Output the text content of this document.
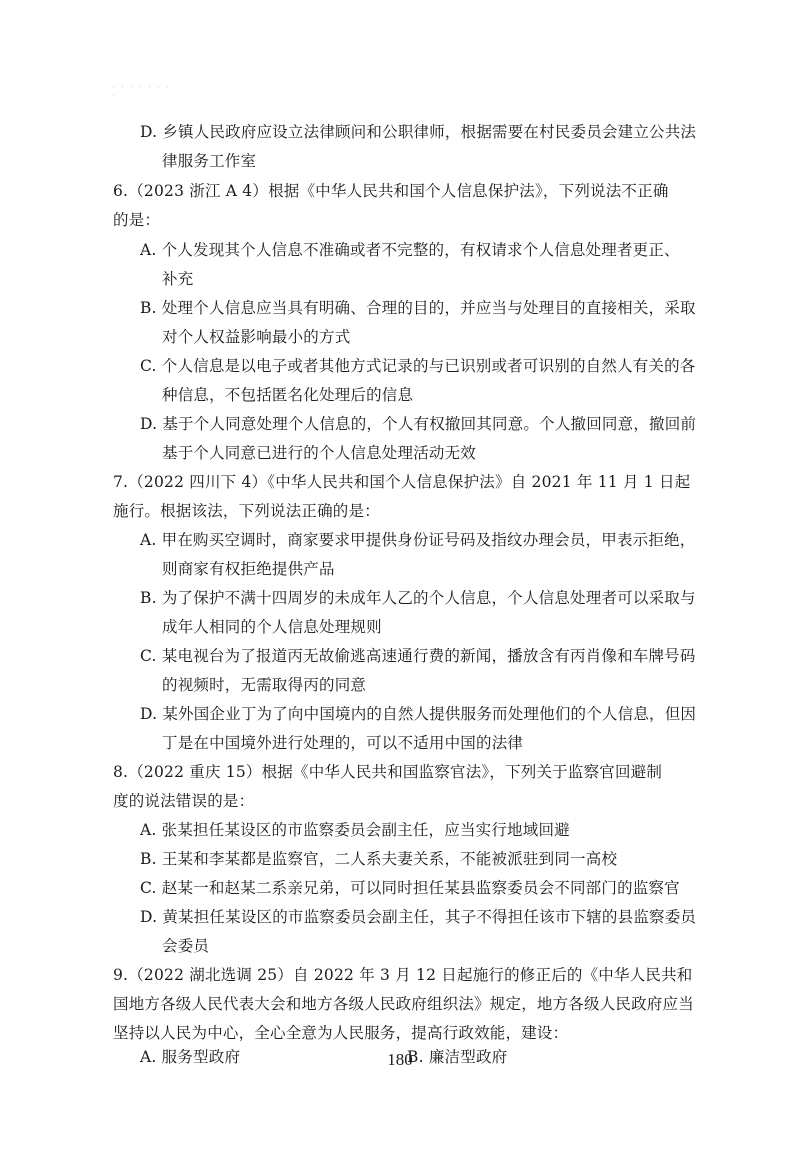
· · · · · · · ·
D. 乡镇人民政府应设立法律顾问和公职律师，根据需要在村民委员会建立公共法
律服务工作室
6.（2023 浙江 A 4）根据《中华人民共和国个人信息保护法》，下列说法不正确
的是：
A. 个人发现其个人信息不准确或者不完整的，有权请求个人信息处理者更正、
补充
B. 处理个人信息应当具有明确、合理的目的，并应当与处理目的直接相关，采取
对个人权益影响最小的方式
C. 个人信息是以电子或者其他方式记录的与已识别或者可识别的自然人有关的各
种信息，不包括匿名化处理后的信息
D. 基于个人同意处理个人信息的，个人有权撤回其同意。个人撤回同意，撤回前
基于个人同意已进行的个人信息处理活动无效
7.（2022 四川下 4）《中华人民共和国个人信息保护法》自 2021 年 11 月 1 日起
施行。根据该法，下列说法正确的是：
A. 甲在购买空调时，商家要求甲提供身份证号码及指纹办理会员，甲表示拒绝，
则商家有权拒绝提供产品
B. 为了保护不满十四周岁的未成年人乙的个人信息，个人信息处理者可以采取与
成年人相同的个人信息处理规则
C. 某电视台为了报道丙无故偷逃高速通行费的新闻，播放含有丙肖像和车牌号码
的视频时，无需取得丙的同意
D. 某外国企业丁为了向中国境内的自然人提供服务而处理他们的个人信息，但因
丁是在中国境外进行处理的，可以不适用中国的法律
8.（2022 重庆 15）根据《中华人民共和国监察官法》，下列关于监察官回避制
度的说法错误的是：
A. 张某担任某设区的市监察委员会副主任，应当实行地域回避
B. 王某和李某都是监察官，二人系夫妻关系，不能被派驻到同一高校
C. 赵某一和赵某二系亲兄弟，可以同时担任某县监察委员会不同部门的监察官
D. 黄某担任某设区的市监察委员会副主任，其子不得担任该市下辖的县监察委员
会委员
9.（2022 湖北选调 25）自 2022 年 3 月 12 日起施行的修正后的《中华人民共和
国地方各级人民代表大会和地方各级人民政府组织法》规定，地方各级人民政府应当
坚持以人民为中心，全心全意为人民服务，提高行政效能，建设：
A. 服务型政府	B. 廉洁型政府
180
